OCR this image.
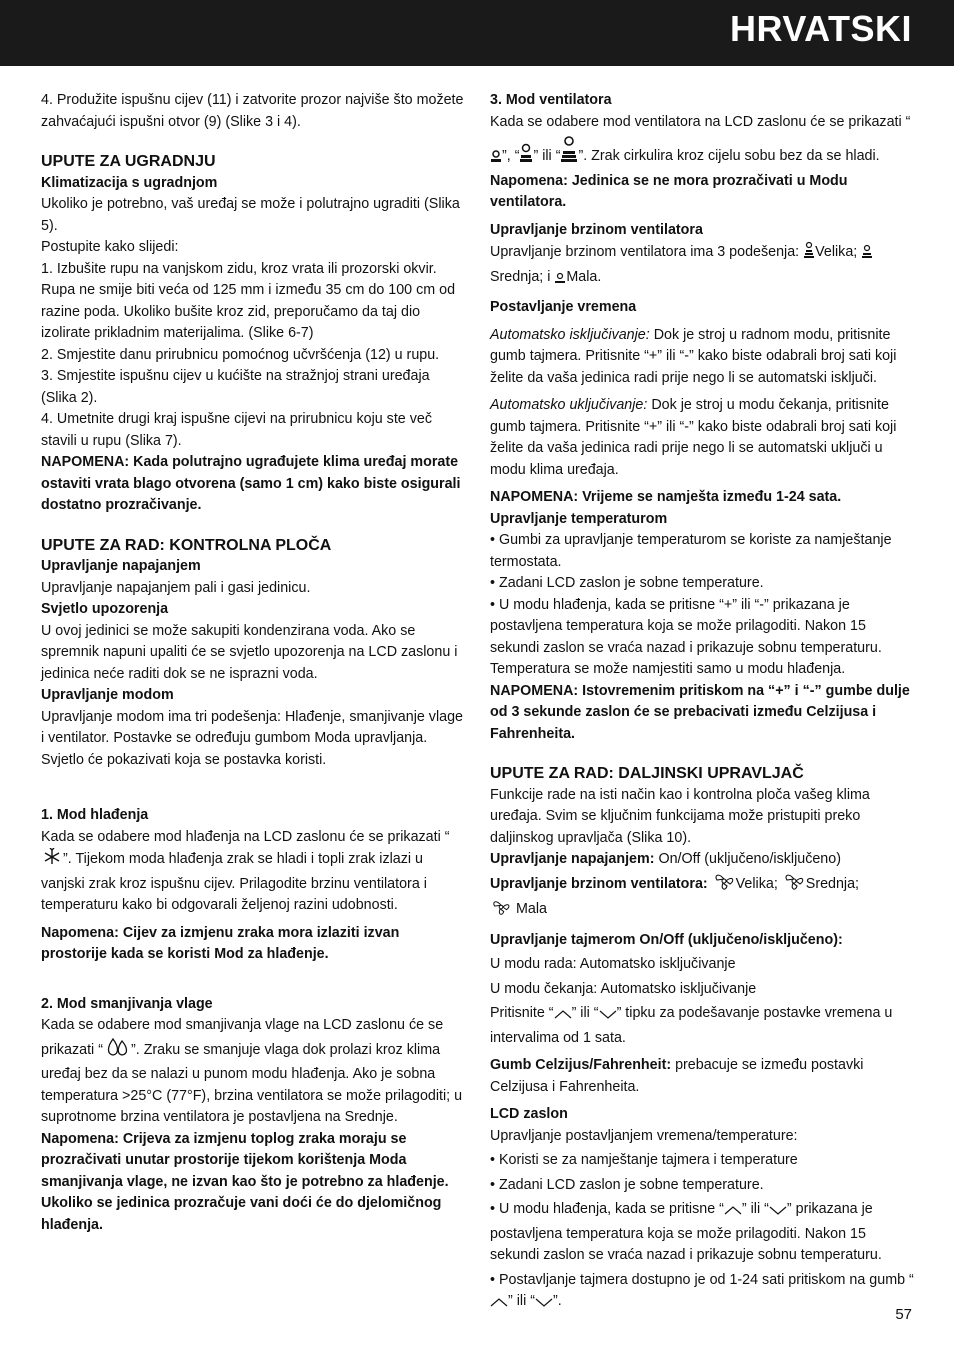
HRVATSKI

4. Produžite ispušnu cijev (11) i zatvorite prozor najviše što možete zahvaćajući ispušni otvor (9) (Slike 3 i 4).

UPUTE ZA UGRADNJU

Klimatizacija s ugradnjom

Ukoliko je potrebno, vaš uređaj se može i polutrajno ugraditi (Slika 5).

Postupite kako slijedi:

1. Izbušite rupu na vanjskom zidu, kroz vrata ili prozorski okvir. Rupa ne smije biti veća od 125 mm i između 35 cm do 100 cm od razine poda. Ukoliko bušite kroz zid, preporučamo da taj dio izolirate prikladnim materijalima. (Slike 6-7)

2. Smjestite danu prirubnicu pomoćnog učvršćenja (12) u rupu.

3. Smjestite ispušnu cijev u kućište na stražnjoj strani uređaja (Slika 2).

4. Umetnite drugi kraj ispušne cijevi na prirubnicu koju ste več stavili u rupu (Slika 7).

NAPOMENA: Kada polutrajno ugrađujete klima uređaj morate ostaviti vrata blago otvorena (samo 1 cm) kako biste osigurali dostatno prozračivanje.

UPUTE ZA RAD: KONTROLNA PLOČA

Upravljanje napajanjem

Upravljanje napajanjem pali i gasi jedinicu.

Svjetlo upozorenja

U ovoj jedinici se može sakupiti kondenzirana voda. Ako se spremnik napuni upaliti će se svjetlo upozorenja na LCD zaslonu i jedinica neće raditi dok se ne isprazni voda.

Upravljanje modom

Upravljanje modom ima tri podešenja: Hlađenje, smanjivanje vlage i ventilator. Postavke se određuju gumbom Moda upravljanja. Svjetlo će pokazivati koja se postavka koristi.

1. Mod hlađenja

Kada se odabere mod hlađenja na LCD zaslonu će se prikazati “”. Tijekom moda hlađenja zrak se hladi i topli zrak izlazi u vanjski zrak kroz ispušnu cijev. Prilagodite brzinu ventilatora i temperaturu kako bi odgovarali željenoj razini udobnosti.

Napomena: Cijev za izmjenu zraka mora izlaziti izvan prostorije kada se koristi Mod za hlađenje.

2. Mod smanjivanja vlage

Kada se odabere mod smanjivanja vlage na LCD zaslonu će se prikazati “ ”. Zraku se smanjuje vlaga dok prolazi kroz klima uređaj bez da se nalazi u punom modu hlađenja. Ako je sobna temperatura >25°C (77°F), brzina ventilatora se može prilagoditi; u suprotnome brzina ventilatora je postavljena na Srednje.

Napomena: Crijeva za izmjenu toplog zraka moraju se prozračivati unutar prostorije tijekom korištenja Moda smanjivanja vlage, ne izvan kao što je potrebno za hlađenje. Ukoliko se jedinica prozračuje vani doći će do djelomičnog hlađenja.

3. Mod ventilatora

Kada se odabere mod ventilatora na LCD zaslonu će se prikazati “”, “ ” ili “ ”. Zrak cirkulira kroz cijelu sobu bez da se hladi.

Napomena: Jedinica se ne mora prozračivati u Modu ventilatora.

Upravljanje brzinom ventilatora

Upravljanje brzinom ventilatora ima 3 podešenja: Velika; Srednja; i Mala.

Postavljanje vremena

Automatsko isključivanje: Dok je stroj u radnom modu, pritisnite gumb tajmera. Pritisnite “+” ili “-” kako biste odabrali broj sati koji želite da vaša jedinica radi prije nego li se automatski isključi.

Automatsko uključivanje: Dok je stroj u modu čekanja, pritisnite gumb tajmera. Pritisnite “+” ili “-” kako biste odabrali broj sati koji želite da vaša jedinica radi prije nego li se automatski uključi u modu klima uređaja.

NAPOMENA: Vrijeme se namješta između 1-24 sata.

Upravljanje temperaturom

• Gumbi za upravljanje temperaturom se koriste za namještanje termostata.

• Zadani LCD zaslon je sobne temperature.

• U modu hlađenja, kada se pritisne “+” ili “-” prikazana je postavljena temperatura koja se može prilagoditi. Nakon 15 sekundi zaslon se vraća nazad i prikazuje sobnu temperaturu. Temperatura se može namjestiti samo u modu hlađenja.

NAPOMENA: Istovremenim pritiskom na “+” i “-” gumbe dulje od 3 sekunde zaslon će se prebacivati između Celzijusa i Fahrenheita.

UPUTE ZA RAD: DALJINSKI UPRAVLJAČ

Funkcije rade na isti način kao i kontrolna ploča vašeg klima uređaja. Svim se ključnim funkcijama može pristupiti preko daljinskog upravljača (Slika 10).

Upravljanje napajanjem: On/Off (uključeno/isključeno)

Upravljanje brzinom ventilatora: Velika; Srednja;
Mala

Upravljanje tajmerom On/Off (uključeno/isključeno):

U modu rada: Automatsko isključivanje

U modu čekanja: Automatsko isključivanje

Pritisnite “ ” ili “ ” tipku za podešavanje postavke vremena u intervalima od 1 sata.

Gumb Celzijus/Fahrenheit: prebacuje se između postavki Celzijusa i Fahrenheita.

LCD zaslon

Upravljanje postavljanjem vremena/temperature:

• Koristi se za namještanje tajmera i temperature

• Zadani LCD zaslon je sobne temperature.

• U modu hlađenja, kada se pritisne “ ” ili “ ” prikazana je postavljena temperatura koja se može prilagoditi. Nakon 15 sekundi zaslon se vraća nazad i prikazuje sobnu temperaturu.

• Postavljanje tajmera dostupno je od 1-24 sati pritiskom na gumb “” ili “ ”.

57
